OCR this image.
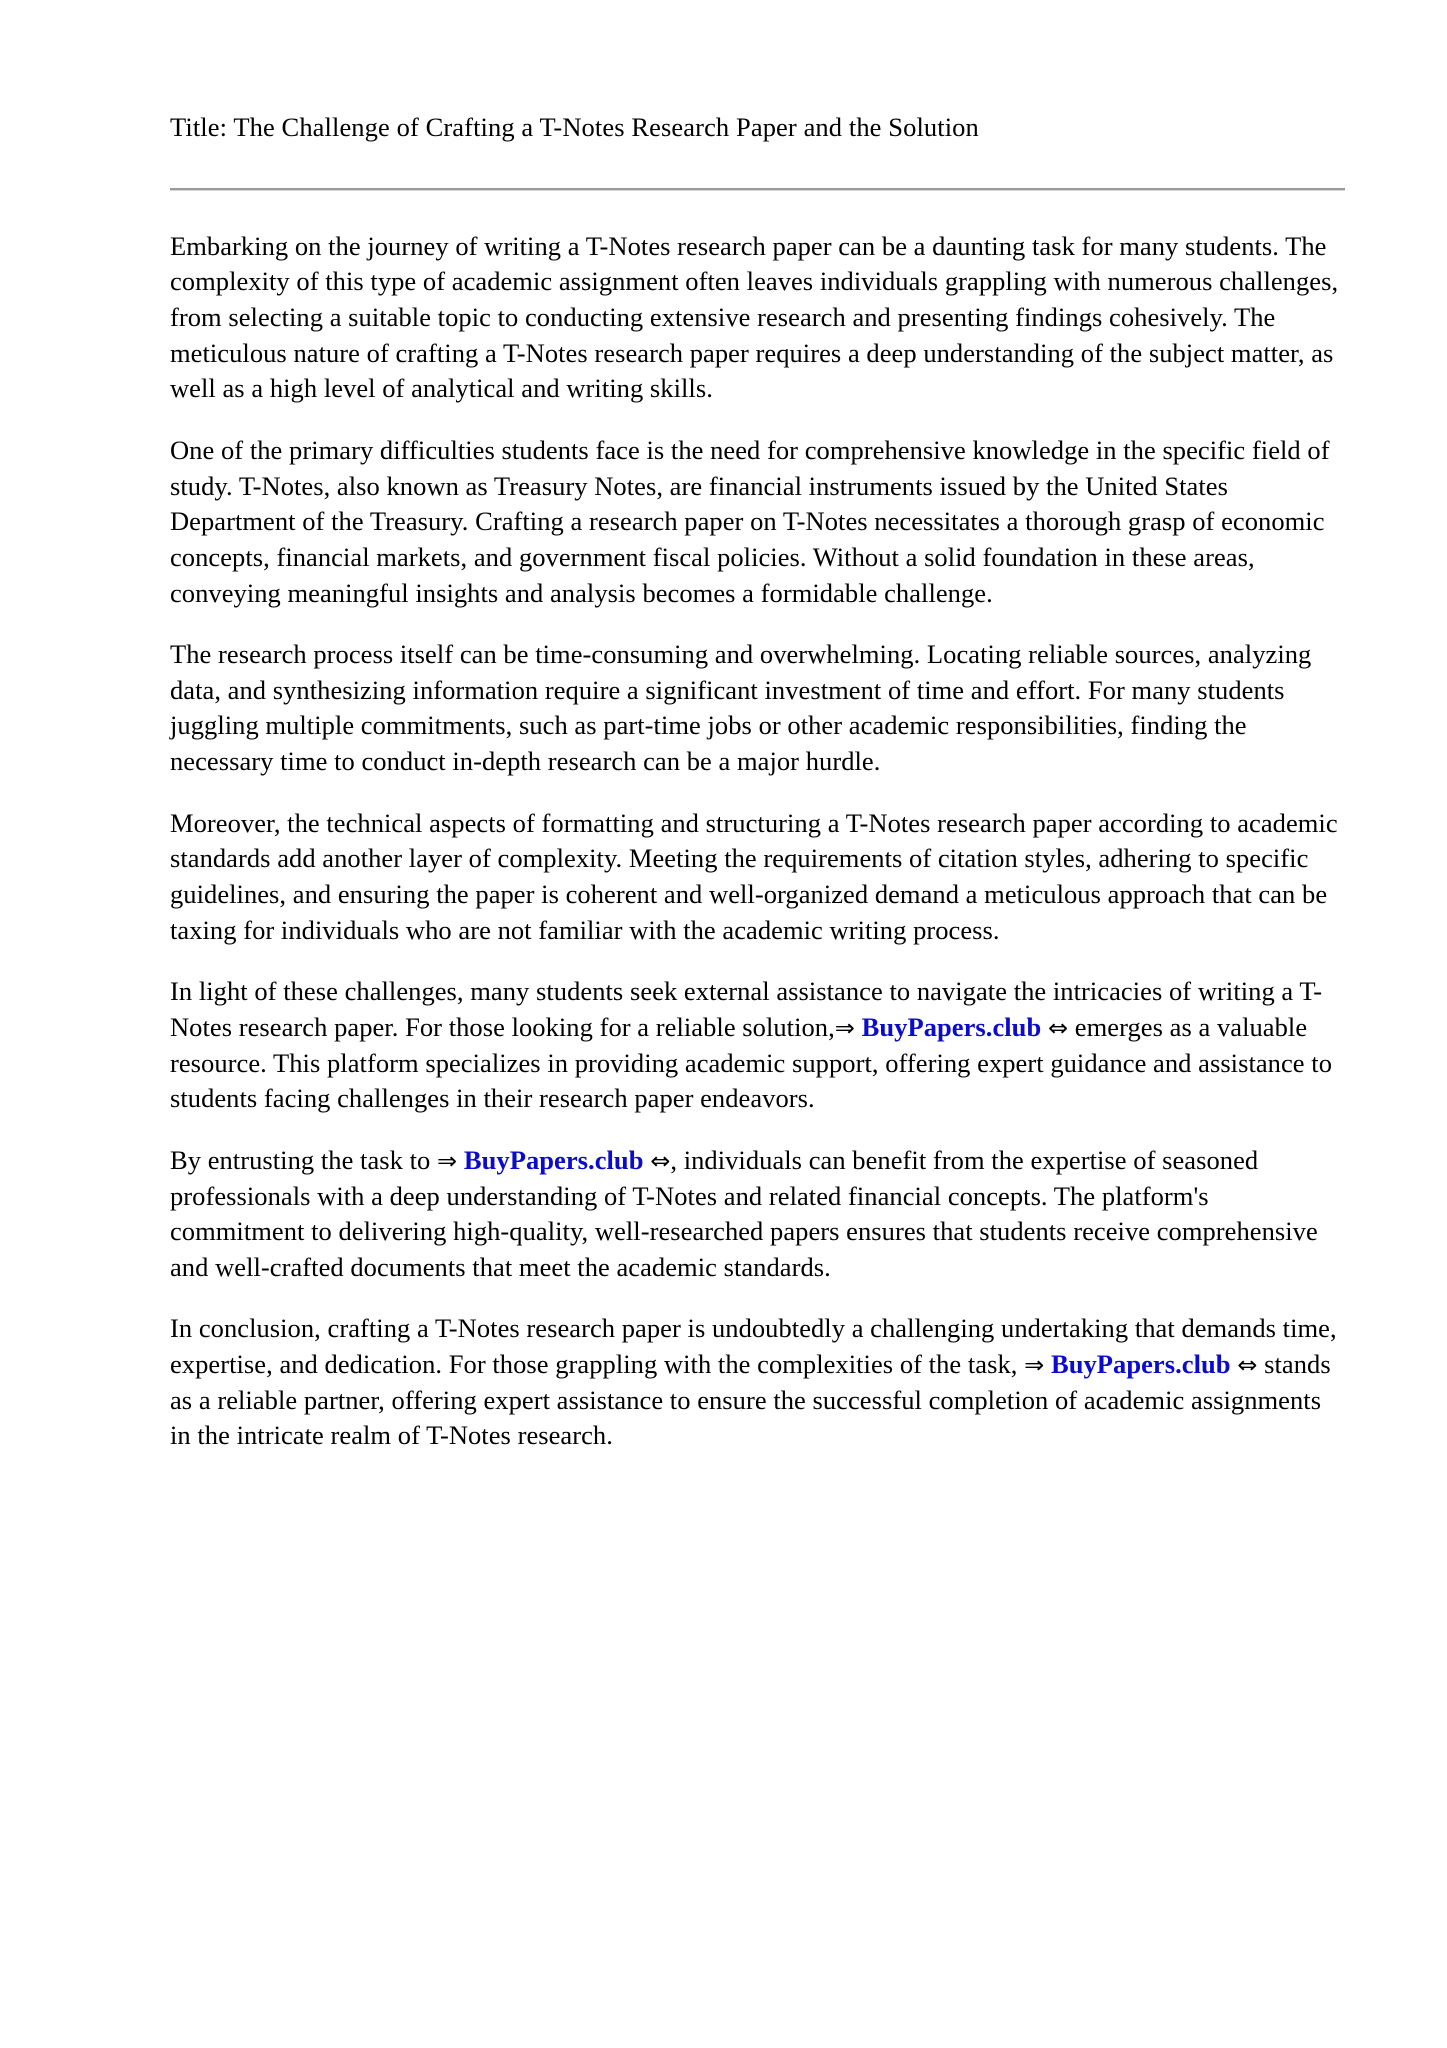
Title: The Challenge of Crafting a T-Notes Research Paper and the Solution

Embarking on the journey of writing a T-Notes research paper can be a daunting task for many students. The complexity of this type of academic assignment often leaves individuals grappling with numerous challenges, from selecting a suitable topic to conducting extensive research and presenting findings cohesively. The meticulous nature of crafting a T-Notes research paper requires a deep understanding of the subject matter, as well as a high level of analytical and writing skills.

One of the primary difficulties students face is the need for comprehensive knowledge in the specific field of study. T-Notes, also known as Treasury Notes, are financial instruments issued by the United States Department of the Treasury. Crafting a research paper on T-Notes necessitates a thorough grasp of economic concepts, financial markets, and government fiscal policies. Without a solid foundation in these areas, conveying meaningful insights and analysis becomes a formidable challenge.

The research process itself can be time-consuming and overwhelming. Locating reliable sources, analyzing data, and synthesizing information require a significant investment of time and effort. For many students juggling multiple commitments, such as part-time jobs or other academic responsibilities, finding the necessary time to conduct in-depth research can be a major hurdle.

Moreover, the technical aspects of formatting and structuring a T-Notes research paper according to academic standards add another layer of complexity. Meeting the requirements of citation styles, adhering to specific guidelines, and ensuring the paper is coherent and well-organized demand a meticulous approach that can be taxing for individuals who are not familiar with the academic writing process.

In light of these challenges, many students seek external assistance to navigate the intricacies of writing a T-Notes research paper. For those looking for a reliable solution,⇒ BuyPapers.club ⇔ emerges as a valuable resource. This platform specializes in providing academic support, offering expert guidance and assistance to students facing challenges in their research paper endeavors.

By entrusting the task to ⇒ BuyPapers.club ⇔, individuals can benefit from the expertise of seasoned professionals with a deep understanding of T-Notes and related financial concepts. The platform's commitment to delivering high-quality, well-researched papers ensures that students receive comprehensive and well-crafted documents that meet the academic standards.

In conclusion, crafting a T-Notes research paper is undoubtedly a challenging undertaking that demands time, expertise, and dedication. For those grappling with the complexities of the task, ⇒ BuyPapers.club ⇔ stands as a reliable partner, offering expert assistance to ensure the successful completion of academic assignments in the intricate realm of T-Notes research.
